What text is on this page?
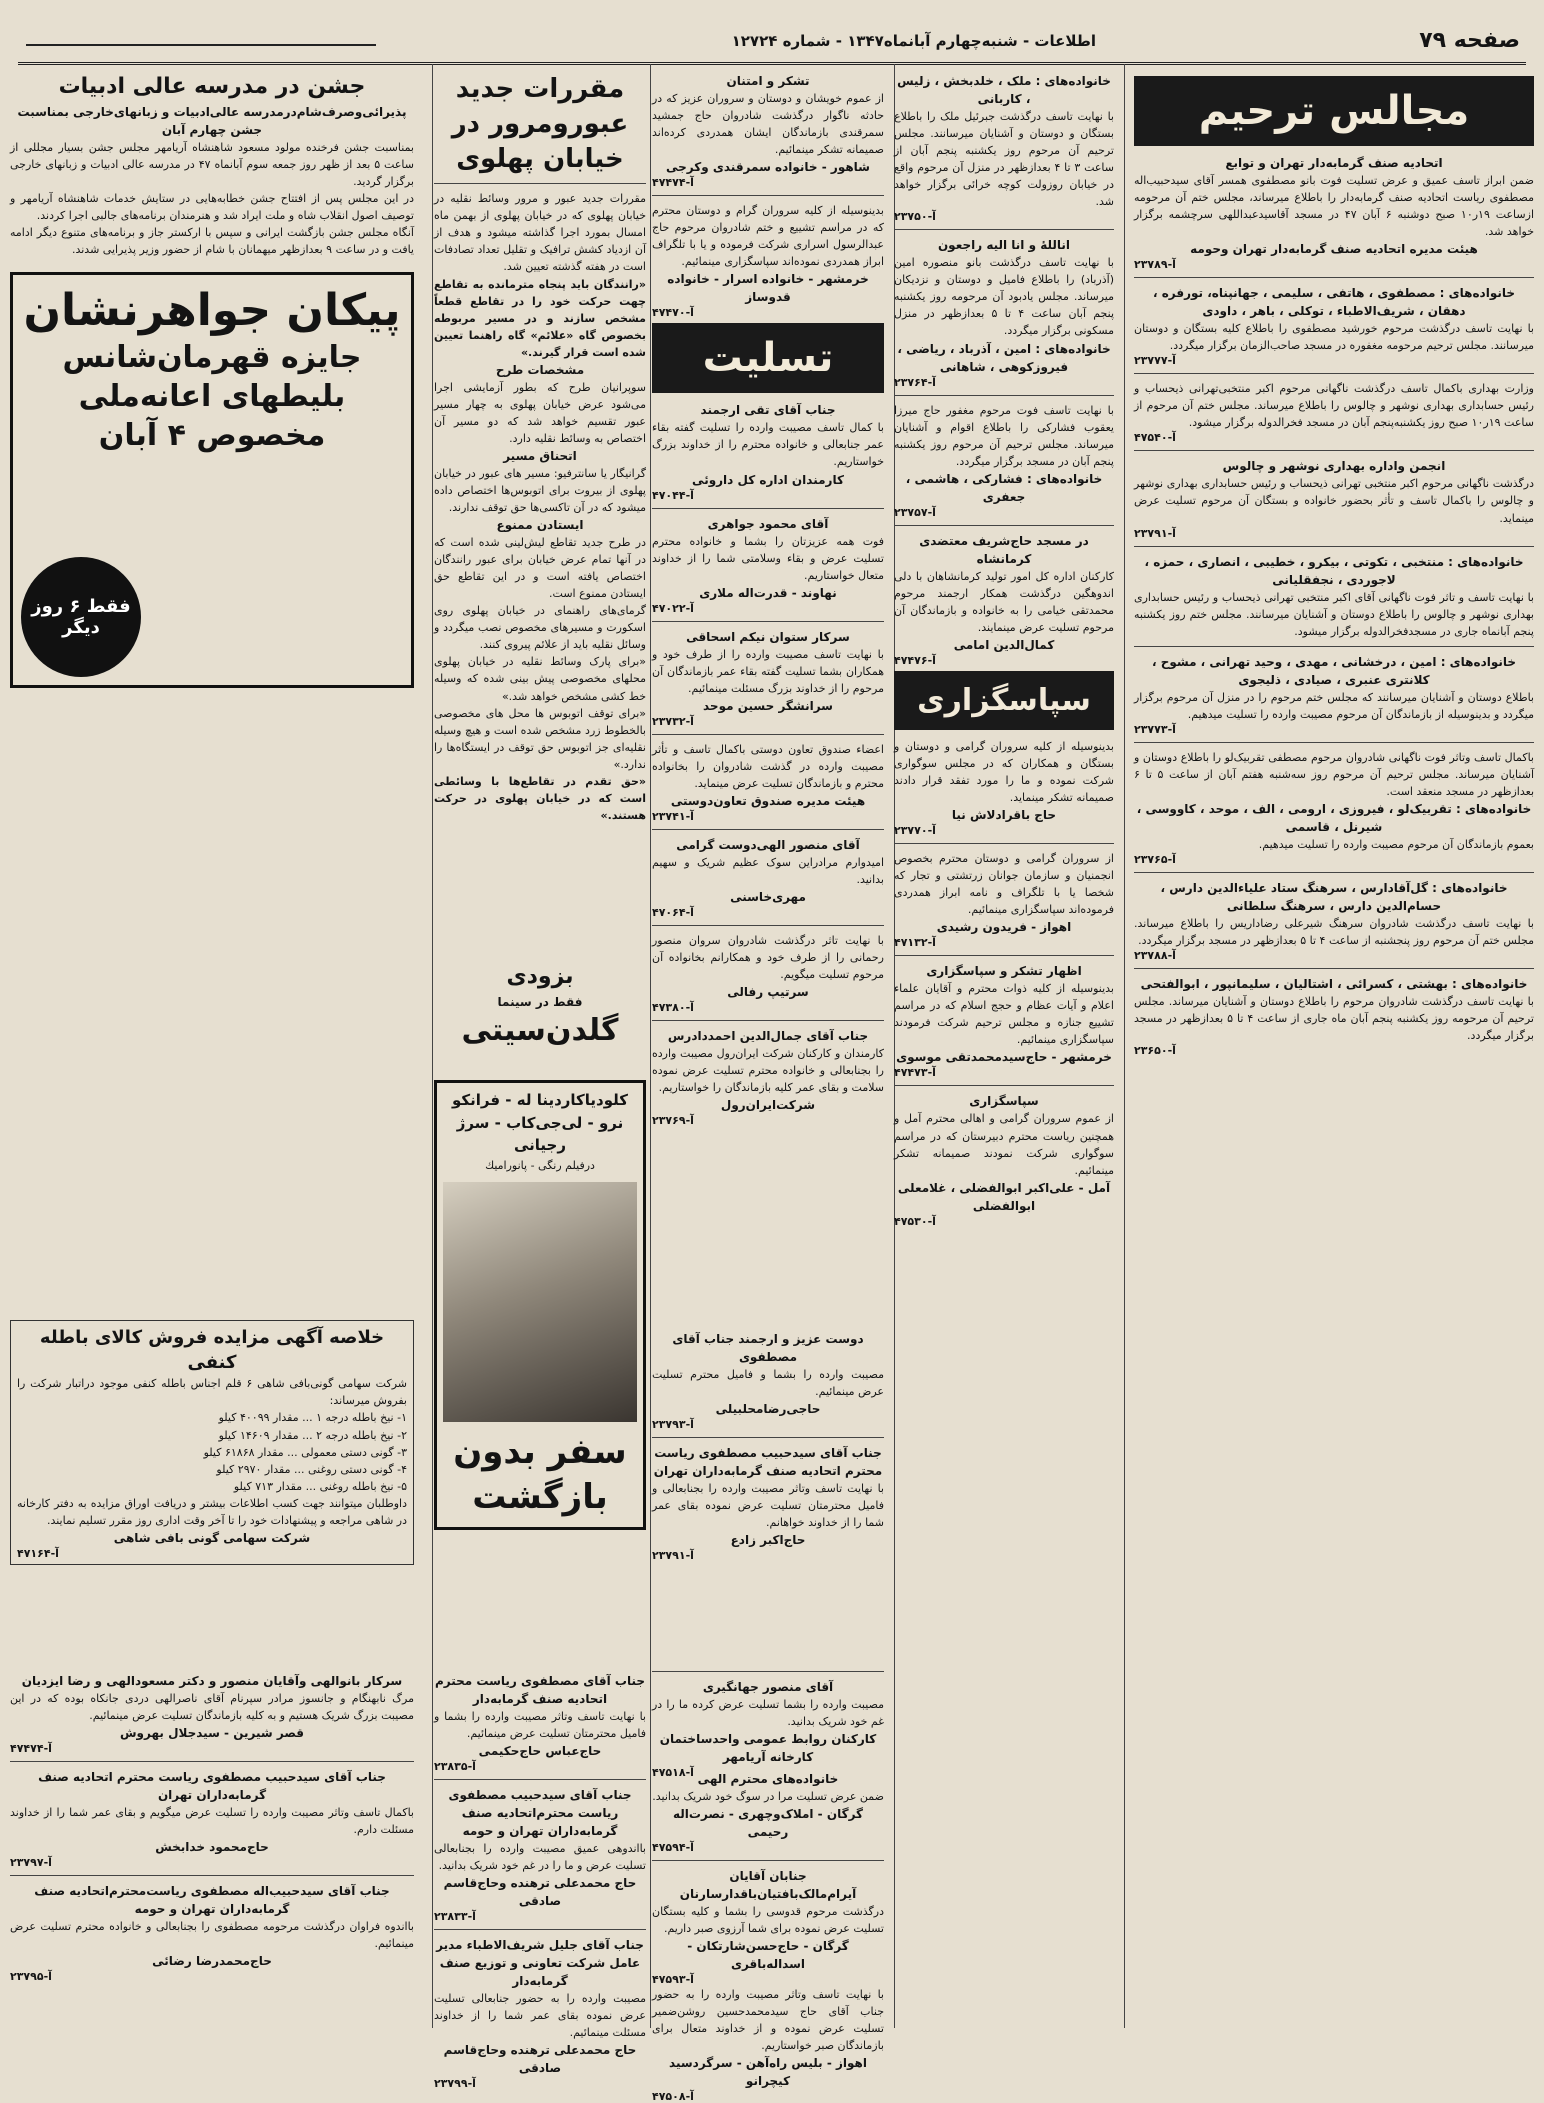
صفحه ۷۹
اطلاعات - شنبه‌چهارم آبانماه۱۳۴۷ - شماره ۱۲۷۲۴
مجالس ترحیم
اتحادیه صنف گرمابه‌دار تهران و توابع
ضمن ابراز تاسف عمیق و عرض تسلیت فوت بانو مصطفوی همسر آقای سیدحبیب‌اله مصطفوی ریاست اتحادیه صنف گرمابه‌دار را باطلاع میرساند، مجلس ختم آن مرحومه ازساعت ۱۹ر۱۰ صبح دوشنبه ۶ آبان ۴۷ در مسجد آقاسیدعبداللهی سرچشمه برگزار خواهد شد.
هیئت مدیره اتحادیه صنف گرمابه‌دار تهران وحومه
آ-۲۳۷۸۹
خانواده‌های : مصطفوی ، هاتفی ، سلیمی ، جهانپناه، تورفره ، دهقان ، شریف‌الاطباء ، توکلی ، باهر ، داودی
با نهایت تاسف درگذشت مرحوم خورشید مصطفوی را باطلاع کلیه بستگان و دوستان میرسانند. مجلس ترحیم مرحومه مغفوره در مسجد صاحب‌الزمان برگزار میگردد.
آ-۲۳۷۷۷
وزارت بهداری باکمال تاسف درگذشت ناگهانی مرحوم اکبر منتخبی‌تهرانی ذیحساب و رئیس حسابداری بهداری نوشهر و چالوس را باطلاع میرساند. مجلس ختم آن مرحوم از ساعت ۱۹ر۱۰ صبح روز یکشنبه‌پنجم آبان در مسجد فخرالدوله برگزار میشود.
آ-۴۷۵۴۰
انجمن واداره بهداری نوشهر و چالوس
درگذشت ناگهانی مرحوم اکبر منتخبی تهرانی ذیحساب و رئیس حسابداری بهداری نوشهر و چالوس را باکمال تاسف و تأثر بحضور خانواده و بستگان آن مرحوم تسلیت عرض مینماید.
آ-۲۳۷۹۱
خانواده‌های : منتخبی ، تکوتی ، بیکرو ، خطیبی ، انصاری ، حمزه ، لاجوردی ، نجفقلیانی
با نهایت تاسف و تاثر فوت ناگهانی آقای اکبر منتخبی تهرانی ذیحساب و رئیس حسابداری بهداری نوشهر و چالوس را باطلاع دوستان و آشنایان میرسانند. مجلس ختم روز یکشنبه پنجم آبانماه جاری در مسجدفخرالدوله برگزار میشود.
خانواده‌های : امین ، درخشانی ، مهدی ، وحید تهرانی ، مشوح ، کلانتری عنبری ، صیادی ، ذلیجوی
باطلاع دوستان و آشنایان میرسانند که مجلس ختم مرحوم را در منزل آن مرحوم برگزار میگردد و بدینوسیله از بازماندگان آن مرحوم مصیبت وارده را تسلیت میدهیم.
آ-۲۳۷۷۳
باکمال تاسف وتاثر فوت ناگهانی شادروان مرحوم مصطفی تقربیک‌لو را باطلاع دوستان و آشنایان میرساند. مجلس ترحیم آن مرحوم روز سه‌شنبه هفتم آبان از ساعت ۵ تا ۶ بعدازظهر در مسجد منعقد است.
خانواده‌های : تقربیک‌لو ، فیروزی ، ارومی ، الف ، موحد ، کاووسی ، شیرنل ، قاسمی
بعموم بازماندگان آن مرحوم مصیبت وارده را تسلیت میدهیم.
آ-۲۳۷۶۵
خانواده‌های : گل‌آقادارس ، سرهنگ ستاد علیاء‌الدین دارس ، حسام‌الدین دارس ، سرهنگ سلطانی
با نهایت تاسف درگذشت شادروان سرهنگ شیرعلی رضاداریس را باطلاع میرساند. مجلس ختم آن مرحوم روز پنجشنبه از ساعت ۴ تا ۵ بعدازظهر در مسجد برگزار میگردد.
آ-۲۳۷۸۸
خانواده‌های : بهشتی ، کسرائی ، اشتالیان ، سلیمانپور ، ابوالفتحی
با نهایت تاسف درگذشت شادروان مرحوم را باطلاع دوستان و آشنایان میرساند. مجلس ترحیم آن مرحومه روز یکشنبه پنجم آبان ماه جاری از ساعت ۴ تا ۵ بعدازظهر در مسجد برگزار میگردد.
آ-۲۳۶۵۰
خانواده‌های : ملک ، خلدبخش ، زلیس ، کاربانی
با نهایت تاسف درگذشت جبرئیل ملک را باطلاع بستگان و دوستان و آشنایان میرسانند. مجلس ترحیم آن مرحوم روز یکشنبه پنجم آبان از ساعت ۳ تا ۴ بعدازظهر در منزل آن مرحوم واقع در خیابان روزولت کوچه خرائی برگزار خواهد شد.
آ-۲۳۷۵۰
اناللهٔ و انا الیه راجعون
با نهایت تاسف درگذشت بانو منصوره امین (آذرباد) را باطلاع فامیل و دوستان و نزدیکان میرساند. مجلس یادبود آن مرحومه روز یکشنبه پنجم آبان ساعت ۴ تا ۵ بعدازظهر در منزل مسکونی برگزار میگردد.
خانواده‌های : امین ، آذرباد ، ریاضی ، فیروزکوهی ، شاهانی
آ-۲۳۷۶۴
با نهایت تاسف فوت مرحوم مغفور حاج میرزا یعقوب فشارکی را باطلاع اقوام و آشنایان میرساند. مجلس ترحیم آن مرحوم روز یکشنبه پنجم آبان در مسجد برگزار میگردد.
خانواده‌های : فشارکی ، هاشمی ، جعفری
آ-۲۳۷۵۷
در مسجد حاج‌شریف معتضدی کرمانشاه
کارکنان اداره کل امور تولید کرمانشاهان با دلی اندوهگین درگذشت همکار ارجمند مرحوم محمدتقی خیامی را به خانواده و بازماندگان آن مرحوم تسلیت عرض مینمایند.
کمال‌الدین امامی
آ-۴۷۴۷۶
سپاسگزاری
بدینوسیله از کلیه سروران گرامی و دوستان و بستگان و همکاران که در مجلس سوگواری شرکت نموده و ما را مورد تفقد قرار دادند صمیمانه تشکر مینماید.
حاج باقرادلاش نیا
آ-۲۳۷۷۰
از سروران گرامی و دوستان محترم بخصوص انجمنیان و سازمان جوانان زرتشتی و تجار که شخصا یا با تلگراف و نامه ابراز همدردی فرموده‌اند سپاسگزاری مینمائیم.
اهواز - فریدون رشیدی
آ-۴۷۱۳۲
اظهار تشکر و سپاسگزاری
بدینوسیله از کلیه ذوات محترم و آقایان علماء اعلام و آیات عظام و حجج اسلام که در مراسم تشییع جنازه و مجلس ترحیم شرکت فرمودند سپاسگزاری مینمائیم.
خرمشهر - حاج‌سیدمحمدتقی موسوی
آ-۴۷۴۷۳
سپاسگزاری
از عموم سروران گرامی و اهالی محترم آمل و همچنین ریاست محترم دبیرستان که در مراسم سوگواری شرکت نمودند صمیمانه تشکر مینمائیم.
آمل - علی‌اکبر ابوالفضلی ، غلامعلی ابوالفضلی
آ-۴۷۵۳۰
تشکر و امتنان
از عموم خویشان و دوستان و سروران عزیز که در حادثه ناگوار درگذشت شادروان حاج جمشید سمرقندی بازماندگان ایشان همدردی کرده‌اند صمیمانه تشکر مینمائیم.
شاهور - خانواده سمرقندی وکرجی
آ-۴۷۴۷۴
بدینوسیله از کلیه سروران گرام و دوستان محترم که در مراسم تشییع و ختم شادروان مرحوم حاج عبدالرسول اسراری شرکت فرموده و یا با تلگراف ابراز همدردی نموده‌اند سپاسگزاری مینمائیم.
خرمشهر - خانواده اسرار - خانواده قدوساز
آ-۴۷۴۷۰
تسلیت
جناب آقای تقی ارجمند
با کمال تاسف مصیبت وارده را تسلیت گفته بقاء عمر جنابعالی و خانواده محترم را از خداوند بزرگ خواستاریم.
کارمندان اداره کل داروئی
آ-۴۷۰۴۴
آقای محمود جواهری
فوت همه عزیزتان را بشما و خانواده محترم تسلیت عرض و بقاء وسلامتی شما را از خداوند متعال خواستاریم.
نهاوند - قدرت‌اله ملاری
آ-۴۷۰۲۲
سرکار ستوان نیکم اسحاقی
با نهایت تاسف مصیبت وارده را از طرف خود و همکاران بشما تسلیت گفته بقاء عمر بازماندگان آن مرحوم را از خداوند بزرگ مسئلت مینمائیم.
سرانشگر حسین موحد
آ-۲۳۷۳۲
اعضاء صندوق تعاون دوستی باکمال تاسف و تأثر مصیبت وارده در گذشت شادروان را بخانواده محترم و بازماندگان تسلیت عرض مینماید.
هیئت مدیره صندوق تعاون‌دوستی
آ-۲۳۷۴۱
آقای منصور الهی‌دوست گرامی
امیدوارم مرادراین سوک عظیم شریک و سهیم بدانید.
مهری‌خاسنی
آ-۴۷۰۶۴
با نهایت تاثر درگذشت شادروان سروان منصور رحمانی را از طرف خود و همکارانم بخانواده آن مرحوم تسلیت میگویم.
سرتیپ رفالی
آ-۴۷۳۸۰
جناب آقای جمال‌الدین احمددادرس
کارمندان و کارکنان شرکت ایران‌رول مصیبت وارده را بجنابعالی و خانواده محترم تسلیت عرض نموده سلامت و بقای عمر کلیه بازماندگان را خواستاریم.
شرکت‌ایران‌رول
آ-۲۳۷۶۹
دوست عزیز و ارجمند جناب آقای مصطفوی
مصیبت وارده را بشما و فامیل محترم تسلیت عرض مینمائیم.
حاجی‌رضامحلبیلی
آ-۲۳۷۹۳
جناب آقای سیدحبیب مصطفوی ریاست محترم اتحادیه صنف گرمابه‌داران تهران
با نهایت تاسف وتاثر مصیبت وارده را بجنابعالی و فامیل محترمتان تسلیت عرض نموده بقای عمر شما را از خداوند خواهانم.
حاج‌اکبر زادع
آ-۲۳۷۹۱
آقای منصور جهانگیری
مصیبت وارده را بشما تسلیت عرض کرده ما را در غم خود شریک بدانید.
کارکنان روابط عمومی واحدساختمان کارخانه آریامهر
آ-۴۷۵۱۸
مقررات جدید عبورومرور در خیابان پهلوی
مقررات جدید عبور و مرور وسائط نقلیه در خیابان پهلوی که در خیابان پهلوی از بهمن ماه امسال بمورد اجرا گذاشته میشود و هدف از آن ازدیاد کشش ترافیک و تقلیل تعداد تصادفات است در هفته گذشته تعیین شد.
«رانندگان باید پنجاه مترمانده به تقاطع چهت حرکت خود را در تقاطع قطعاً مشخص سازند و در مسیر مربوطه بخصوص گاه «علائم» گاه راهنما تعیین شده است قرار گیرند.»
مشخصات طرح
سوپرانیان طرح که بطور آزمایشی اجرا می‌شود عرض خیابان پهلوی به چهار مسیر عبور تقسیم خواهد شد که دو مسیر آن اختصاص به وسائط نقلیه دارد.
اتحناق مسیر
گرانیگار یا سانترفیو: مسیر های عبور در خیابان پهلوی از بیروت برای اتوبوس‌ها اختصاص داده میشود که در آن تاکسی‌ها حق توقف ندارند.
ایستادن ممنوع
در طرح جدید تقاطع لیش‌لینی شده است که در آنها تمام عرض خیابان برای عبور رانندگان اختصاص یافته است و در این تقاطع حق ایستادن ممنوع است.
گرمای‌های راهنمای در خیابان پهلوی روی اسکورت و مسیرهای مخصوص نصب میگردد و وسائل نقلیه باید از علائم پیروی کنند.
«برای پارک وسائط نقلیه در خیابان پهلوی محلهای مخصوصی پیش بینی شده که وسیله خط کشی مشخص خواهد شد.»
«برای توقف اتوبوس ها محل های مخصوصی بالخطوط زرد مشخص شده است و هیچ وسیله نقلیه‌ای جز اتوبوس حق توقف در ایستگاه‌ها را ندارد.»
«حق تقدم در تقاطع‌ها با وسائطی است که در خیابان پهلوی در حرکت هستند.»
بزودی
فقط در سینما
گلدن‌سیتی
کلودیاکاردینا له - فرانکو نرو - لی‌جی‌کاب - سرژ رجیانی
درفیلم رنگی - پانوراميك
سفر بدون بازگشت
جشن در مدرسه عالی ادبیات
پذیرائی‌وصرف‌شام‌درمدرسه عالی‌ادبیات و زبانهای‌خارجی بمناسبت جشن چهارم آبان
بمناسبت جشن فرخنده مولود مسعود شاهنشاه آریامهر مجلس جشن بسیار مجللی از ساعت ۵ بعد از ظهر روز جمعه سوم آبانماه ۴۷ در مدرسه عالی ادبیات و زبانهای خارجی برگزار گردید.
در این مجلس پس از افتتاح جشن خطابه‌هایی در ستایش خدمات شاهنشاه آریامهر و توصیف اصول انقلاب شاه و ملت ایراد شد و هنرمندان برنامه‌های جالبی اجرا کردند.
آنگاه مجلس جشن بازگشت ایرانی و سپس با ارکستر جاز و برنامه‌های متنوع دیگر ادامه یافت و در ساعت ۹ بعدازظهر میهمانان با شام از حضور وزیر پذیرایی شدند.
پیکان جواهرنشان
جایزه قهرمان‌شانس
بلیطهای اعانه‌ملی
مخصوص ۴ آبان
فقط ۶ روز دیگر
خلاصه آگهی مزایده فروش کالای باطله کنفی
شرکت سهامی گونی‌بافی شاهی ۶ قلم اجناس باطله کنفی موجود دراتبار شرکت را بفروش میرساند:
۱- نیخ باطله درجه ۱ ... مقدار ۴۰۰۹۹ کیلو
۲- نیخ باطله درجه ۲ ... مقدار ۱۴۶۰۹ کیلو
۳- گونی دستی معمولی ... مقدار ۶۱۸۶۸ کیلو
۴- گونی دستی روغنی ... مقدار ۲۹۷۰ کیلو
۵- نیخ باطله روغنی ... مقدار ۷۱۳ کیلو
داوطلبان میتوانند جهت کسب اطلاعات بیشتر و دریافت اوراق مزایده به دفتر کارخانه در شاهی مراجعه و پیشنهادات خود را تا آخر وقت اداری روز مقرر تسلیم نمایند.
شرکت سهامی گونی بافی شاهی
آ-۴۷۱۶۴
خانواده‌های محترم الهی
ضمن عرض تسلیت مرا در سوگ خود شریک بدانید.
گرگان - املاک‌وچهری - نصرت‌اله رحیمی
آ-۴۷۵۹۴
جنابان آقایان آیرام‌مالک‌بافتیان‌باقدار‌سارنان
درگذشت مرحوم قدوسی را بشما و کلیه بستگان تسلیت عرض نموده برای شما آرزوی صبر داریم.
گرگان - حاج‌حسن‌شارتکان - اسداله‌باقری
آ-۴۷۵۹۳
با نهایت تاسف وتاثر مصیبت وارده را به حضور جناب آقای حاج سیدمحمدحسین روشن‌ضمیر تسلیت عرض نموده و از خداوند متعال برای بازماندگان صبر خواستاریم.
اهواز - بلیس راه‌آهن - سرگردسید کیچرانو
آ-۴۷۵۰۸
جناب آقای مصطفوی ریاست محترم اتحادیه صنف گرمابه‌دار
با نهایت تاسف وتاثر مصیبت وارده را بشما و فامیل محترمتان تسلیت عرض مینمائیم.
حاج‌عباس حاج‌حکیمی
آ-۲۳۸۳۵
جناب آقای سیدحبیب مصطفوی ریاست محترم‌اتحادیه صنف گرمابه‌داران تهران و حومه
بااندوهی عمیق مصیبت وارده را بجنابعالی تسلیت عرض و ما را در غم خود شریک بدانید.
حاج محمدعلی ترهنده وحاج‌قاسم صادقی
آ-۲۳۸۳۳
جناب آقای جلیل شریف‌الاطباء مدیر عامل شرکت تعاونی و توزیع صنف گرمابه‌دار
مصیبت وارده را به حضور جنابعالی تسلیت عرض نموده بقای عمر شما را از خداوند مسئلت مینمائیم.
حاج محمدعلی ترهنده وحاج‌قاسم صادقی
آ-۲۳۷۹۹
سرکار بانوالهی وآقایان منصور و دکتر مسعودالهی و رضا ایزدیان
مرگ نابهنگام و جانسوز مرادر سپرنام آقای ناصرالهی دردی جانکاه بوده که در این مصیبت بزرگ شریک هستیم و به کلیه بازماندگان تسلیت عرض مینمائیم.
قصر شیرین - سیدجلال بهروش
آ-۴۷۴۷۴
جناب آقای سیدحبیب مصطفوی ریاست محترم اتحادیه صنف گرمابه‌داران تهران
باکمال تاسف وتاثر مصیبت وارده را تسلیت عرض میگویم و بقای عمر شما را از خداوند مسئلت دارم.
حاج‌محمود خدابخش
آ-۲۳۷۹۷
جناب آقای سیدحبیب‌اله مصطفوی ریاست‌محترم‌اتحادیه صنف گرمابه‌داران تهران و حومه
بااندوه فراوان درگذشت مرحومه مصطفوی را بجنابعالی و خانواده محترم تسلیت عرض مینمائیم.
حاج‌محمدرضا رضائی
آ-۲۳۷۹۵
